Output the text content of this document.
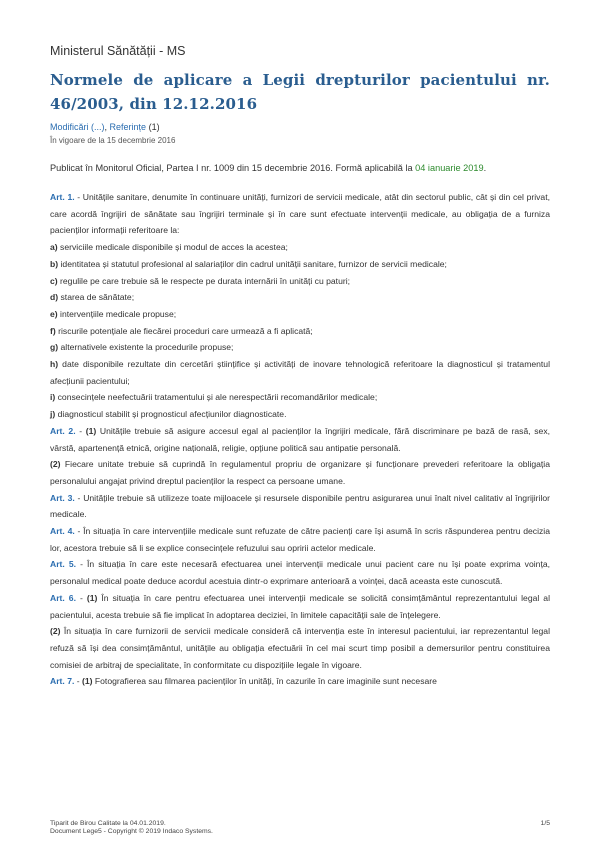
Ministerul Sănătății - MS
Normele de aplicare a Legii drepturilor pacientului nr. 46/2003, din 12.12.2016
Modificări (...), Referințe (1)
În vigoare de la 15 decembrie 2016
Publicat în Monitorul Oficial, Partea I nr. 1009 din 15 decembrie 2016. Formă aplicabilă la 04 ianuarie 2019.
Art. 1. - Unitățile sanitare, denumite în continuare unități, furnizori de servicii medicale, atât din sectorul public, cât și din cel privat, care acordă îngrijiri de sănătate sau îngrijiri terminale și în care sunt efectuate intervenții medicale, au obligația de a furniza pacienților informații referitoare la:
a) serviciile medicale disponibile și modul de acces la acestea;
b) identitatea și statutul profesional al salariaților din cadrul unității sanitare, furnizor de servicii medicale;
c) regulile pe care trebuie să le respecte pe durata internării în unități cu paturi;
d) starea de sănătate;
e) intervențiile medicale propuse;
f) riscurile potențiale ale fiecărei proceduri care urmează a fi aplicată;
g) alternativele existente la procedurile propuse;
h) date disponibile rezultate din cercetări științifice și activități de inovare tehnologică referitoare la diagnosticul și tratamentul afecțiunii pacientului;
i) consecințele neefectuării tratamentului și ale nerespectării recomandărilor medicale;
j) diagnosticul stabilit și prognosticul afecțiunilor diagnosticate.
Art. 2. - (1) Unitățile trebuie să asigure accesul egal al pacienților la îngrijiri medicale, fără discriminare pe bază de rasă, sex, vârstă, apartenență etnică, origine națională, religie, opțiune politică sau antipatie personală.
(2) Fiecare unitate trebuie să cuprindă în regulamentul propriu de organizare și funcționare prevederi referitoare la obligația personalului angajat privind dreptul pacienților la respect ca persoane umane.
Art. 3. - Unitățile trebuie să utilizeze toate mijloacele și resursele disponibile pentru asigurarea unui înalt nivel calitativ al îngrijirilor medicale.
Art. 4. - În situația în care intervențiile medicale sunt refuzate de către pacienți care își asumă în scris răspunderea pentru decizia lor, acestora trebuie să li se explice consecințele refuzului sau opririi actelor medicale.
Art. 5. - În situația în care este necesară efectuarea unei intervenții medicale unui pacient care nu își poate exprima voința, personalul medical poate deduce acordul acestuia dintr-o exprimare anterioară a voinței, dacă aceasta este cunoscută.
Art. 6. - (1) În situația în care pentru efectuarea unei intervenții medicale se solicită consimțământul reprezentantului legal al pacientului, acesta trebuie să fie implicat în adoptarea deciziei, în limitele capacității sale de înțelegere.
(2) În situația în care furnizorii de servicii medicale consideră că intervenția este în interesul pacientului, iar reprezentantul legal refuză să își dea consimțământul, unitățile au obligația efectuării în cel mai scurt timp posibil a demersurilor pentru constituirea comisiei de arbitraj de specialitate, în conformitate cu dispozițiile legale în vigoare.
Art. 7. - (1) Fotografierea sau filmarea pacienților în unități, în cazurile în care imaginile sunt necesare
Tiparit de Birou Calitate la 04.01.2019.
Document Lege5 - Copyright © 2019 Indaco Systems.
1/5
